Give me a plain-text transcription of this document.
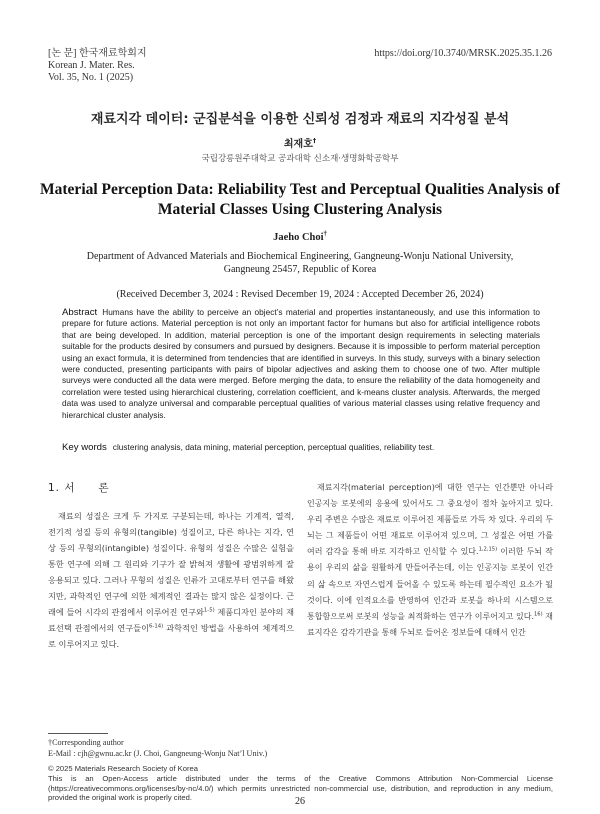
[논 문] 한국재료학회지
Korean J. Mater. Res.
Vol. 35, No. 1 (2025)
https://doi.org/10.3740/MRSK.2025.35.1.26
재료지각 데이터: 군집분석을 이용한 신뢰성 검정과 재료의 지각성질 분석
최재호†
국립강릉원주대학교 공과대학 신소재·생명화학공학부
Material Perception Data: Reliability Test and Perceptual Qualities Analysis of Material Classes Using Clustering Analysis
Jaeho Choi†
Department of Advanced Materials and Biochemical Engineering, Gangneung-Wonju National University, Gangneung 25457, Republic of Korea
(Received December 3, 2024 : Revised December 19, 2024 : Accepted December 26, 2024)
Abstract Humans have the ability to perceive an object’s material and properties instantaneously, and use this information to prepare for future actions. Material perception is not only an important factor for humans but also for artificial intelligence robots that are being developed. In addition, material perception is one of the important design requirements in selecting materials suitable for the products desired by consumers and pursued by designers. Because it is impossible to perform material perception using an exact formula, it is determined from tendencies that are identified in surveys. In this study, surveys with a binary selection were conducted, presenting participants with pairs of bipolar adjectives and asking them to choose one of two. After multiple surveys were conducted all the data were merged. Before merging the data, to ensure the reliability of the data homogeneity and correlation were tested using hierarchical clustering, correlation coefficient, and k-means cluster analysis. Afterwards, the merged data was used to analyze universal and comparable perceptual qualities of various material classes using relative frequency and hierarchical cluster analysis.
Key words clustering analysis, data mining, material perception, perceptual qualities, reliability test.
1. 서　　론

재료의 성질은 크게 두 가지로 구분되는데, 하나는 기계적, 열적, 전기적 성질 등의 유형의(tangible) 성질이고, 다른 하나는 지각, 연상 등의 무형의(intangible) 성질이다. 유형의 성질은 수많은 실험을 통한 연구에 의해 그 원리와 기구가 잘 밝혀져 생활에 광범위하게 잘 응용되고 있다. 그러나 무형의 성질은 인류가 고대로부터 연구를 해왔지만, 과학적인 연구에 의한 체계적인 결과는 많지 않은 실정이다. 근래에 들어 시각의 관점에서 이루어진 연구와$^{1-5)}$ 제품디자인 분야의 재료선택 관점에서의 연구들이$^{6-14)}$ 과학적인 방법을 사용하여 체계적으로 이루어지고 있다.

재료지각(material perception)에 대한 연구는 인간뿐만 아니라 인공지능 로봇에의 응용에 있어서도 그 중요성이 점차 높아지고 있다. 우리 주변은 수많은 재료로 이루어진 제품들로 가득 차 있다. 우리의 두뇌는 그 제품들이 어떤 재료로 이루어져 있으며, 그 성질은 어떤 가를 여러 감각을 통해 바로 지각하고 인식할 수 있다.$^{1,2,15)}$ 이러한 두뇌 작용이 우리의 삶을 원활하게 만들어주는데, 이는 인공지능 로봇이 인간의 삶 속으로 자연스럽게 들어올 수 있도록 하는데 필수적인 요소가 될 것이다. 이에 인적요소를 반영하여 인간과 로봇을 하나의 시스템으로 통합함으로써 로봇의 성능을 최적화하는 연구가 이루어지고 있다.$^{16)}$ 재료지각은 감각기관을 통해 두뇌로 들어온 정보들에 대해서 인간

†Corresponding author
E-Mail : cjh@gwnu.ac.kr (J. Choi, Gangneung-Wonju Nat’l Univ.)
© 2025 Materials Research Society of Korea
This is an Open-Access article distributed under the terms of the Creative Commons Attribution Non-Commercial License (https://creativecommons.org/licenses/by-nc/4.0/) which permits unrestricted non-commercial use, distribution, and reproduction in any medium, provided the original work is properly cited.	26
